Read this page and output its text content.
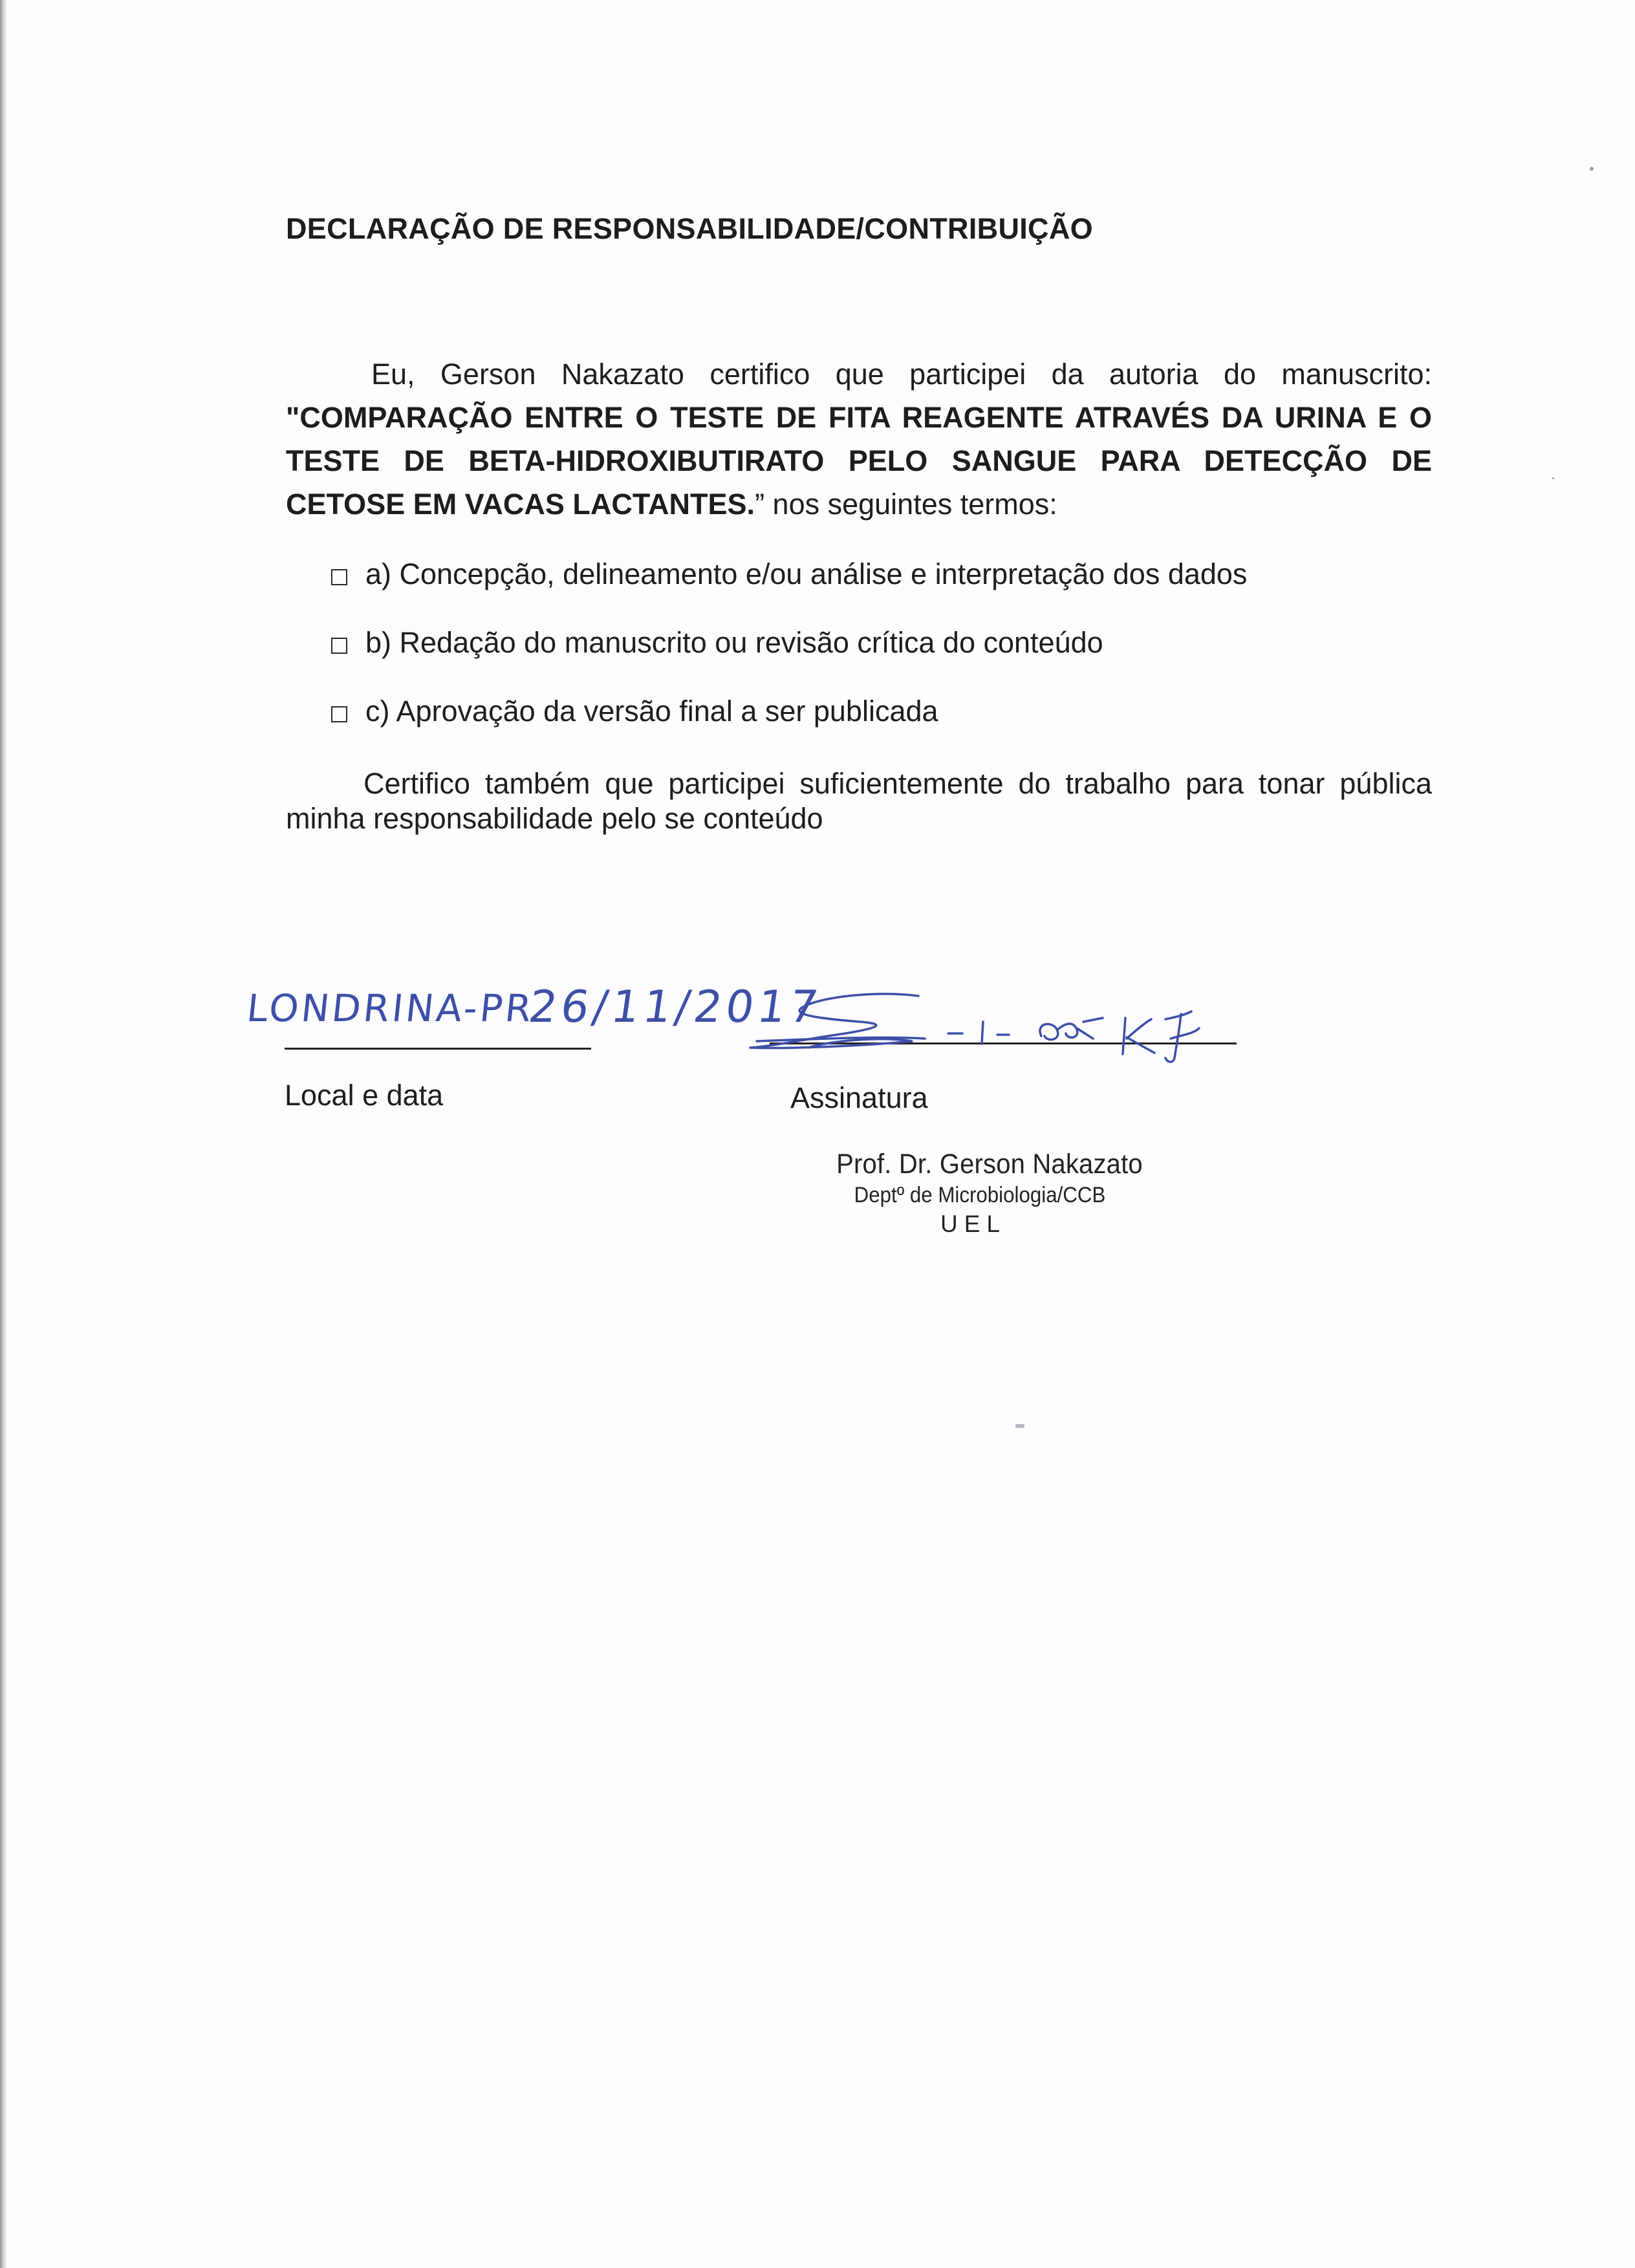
DECLARAÇÃO DE RESPONSABILIDADE/CONTRIBUIÇÃO
Eu, Gerson Nakazato certifico que participei da autoria do manuscrito: "COMPARAÇÃO ENTRE O TESTE DE FITA REAGENTE ATRAVÉS DA URINA E O TESTE DE BETA-HIDROXIBUTIRATO PELO SANGUE PARA DETECÇÃO DE CETOSE EM VACAS LACTANTES.” nos seguintes termos:
a) Concepção, delineamento e/ou análise e interpretação dos dados
b) Redação do manuscrito ou revisão crítica do conteúdo
c) Aprovação da versão final a ser publicada
Certifico também que participei suficientemente do trabalho para tonar pública minha responsabilidade pelo se conteúdo
LONDRINA-PR
26/11/2017
Local e data	Assinatura
Prof. Dr. Gerson Nakazato
Deptº de Microbiologia/CCB
UEL
